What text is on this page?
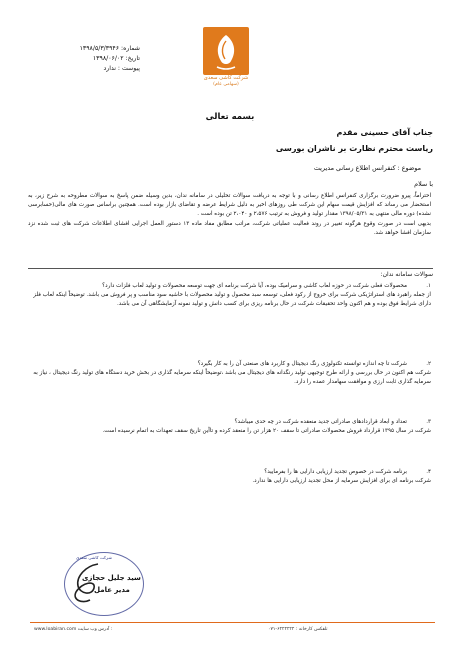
شماره: ۱۳۹۸/۵/۳/۳۹۴۶
تاریخ: ۱۳۹۸/۰۶/۰۲
پیوست : ندارد
شرکت کاشی سعدی
(سهامی عام)
بسمه تعالی
جناب آقای حسینی مقدم
ریاست محترم نظارت بر ناشران بورسی
موضوع : کنفرانس اطلاع رسانی مدیریت
با سلام
احتراماً، پیرو ضرورت برگزاری کنفرانس اطلاع رسانی و با توجه به دریافت سوالات تحلیلی در سامانه ندان، بدین وسیله ضمن پاسخ به سوالات مطروحه به شرح زیر، به استحضار می رساند که افزایش قیمت سهام این شرکت طی روزهای اخیر به دلیل شرایط عرضه و تقاضای بازار بوده است. همچنین براساس صورت های مالی(حسابرسی نشده) دوره مالی منتهی به ۱۳۹۸/۰۵/۳۱ مقدار تولید و فروش به ترتیب ۲،۵۷۶ و ۲،۰۴۰ تن بوده است .
بدیهی است در صورت وقوع هرگونه تغییر در روند فعالیت عملیاتی شرکت، مراتب مطابق مفاد ماده ۱۳ دستور العمل اجرایی افشای اطلاعات شرکت های ثبت شده نزد سازمان افشا خواهد شد.
سوالات سامانه ندان:
۱.
محصولات فعلی شرکت در حوزه لعاب کاشی و سرامیک بوده، آیا شرکت برنامه ای جهت توسعه محصولات و تولید لعاب فلزات دارد؟
از جمله راهبرد های استراتژیکی شرکت برای خروج از رکود فعلی، توسعه سبد محصول و تولید محصولات با حاشیه سود مناسب و پر فروش می باشد. توضیحاً اینکه لعاب فلز دارای شرایط فوق بوده و هم اکنون واحد تحقیقات شرکت در حال برنامه ریزی برای کسب دانش و تولید نمونه آزمایشگاهی آن می باشد.
۲.
شرکت تا چه اندازه توانسته تکنولوژی رنگ دیجیتال و کاربرد های صنعتی آن را به کار بگیرد؟
شرکت هم اکنون در حال بررسی و ارائه طرح توجیهی تولید رنگدانه های دیجیتال می باشد ،توضیحاً اینکه سرمایه گذاری در بخش خرید دستگاه های تولید رنگ دیجیتال ، نیاز به سرمایه گذاری ثابت ارزی و موافقت سهامدار عمده را دارد.
۳.
تعداد و ابعاد قراردادهای صادراتی جدید منعقده شرکت در چه حدی میباشد؟
شرکت در سال ۱۳۹۵ قرارداد فروش محصولات صادراتی تا سقف ۲۰ هزار تن را منعقد کرده و تاآین تاریخ سقف تعهدات به اتمام نرسیده است.
۴.
برنامه شرکت در خصوص تجدید ارزیابی دارایی ها را بفرمایید؟
شرکت برنامه ای برای افزایش سرمایه از محل تجدید ارزیابی دارایی ها ندارد.
شرکت کاشی سعدی
سید جلیل حجازی
مدیر عامل
www.loabiran.com آدرس وب سایت :	تلفکس کارخانه : ۶۲۲۲۲۲۲-۰۷۱
